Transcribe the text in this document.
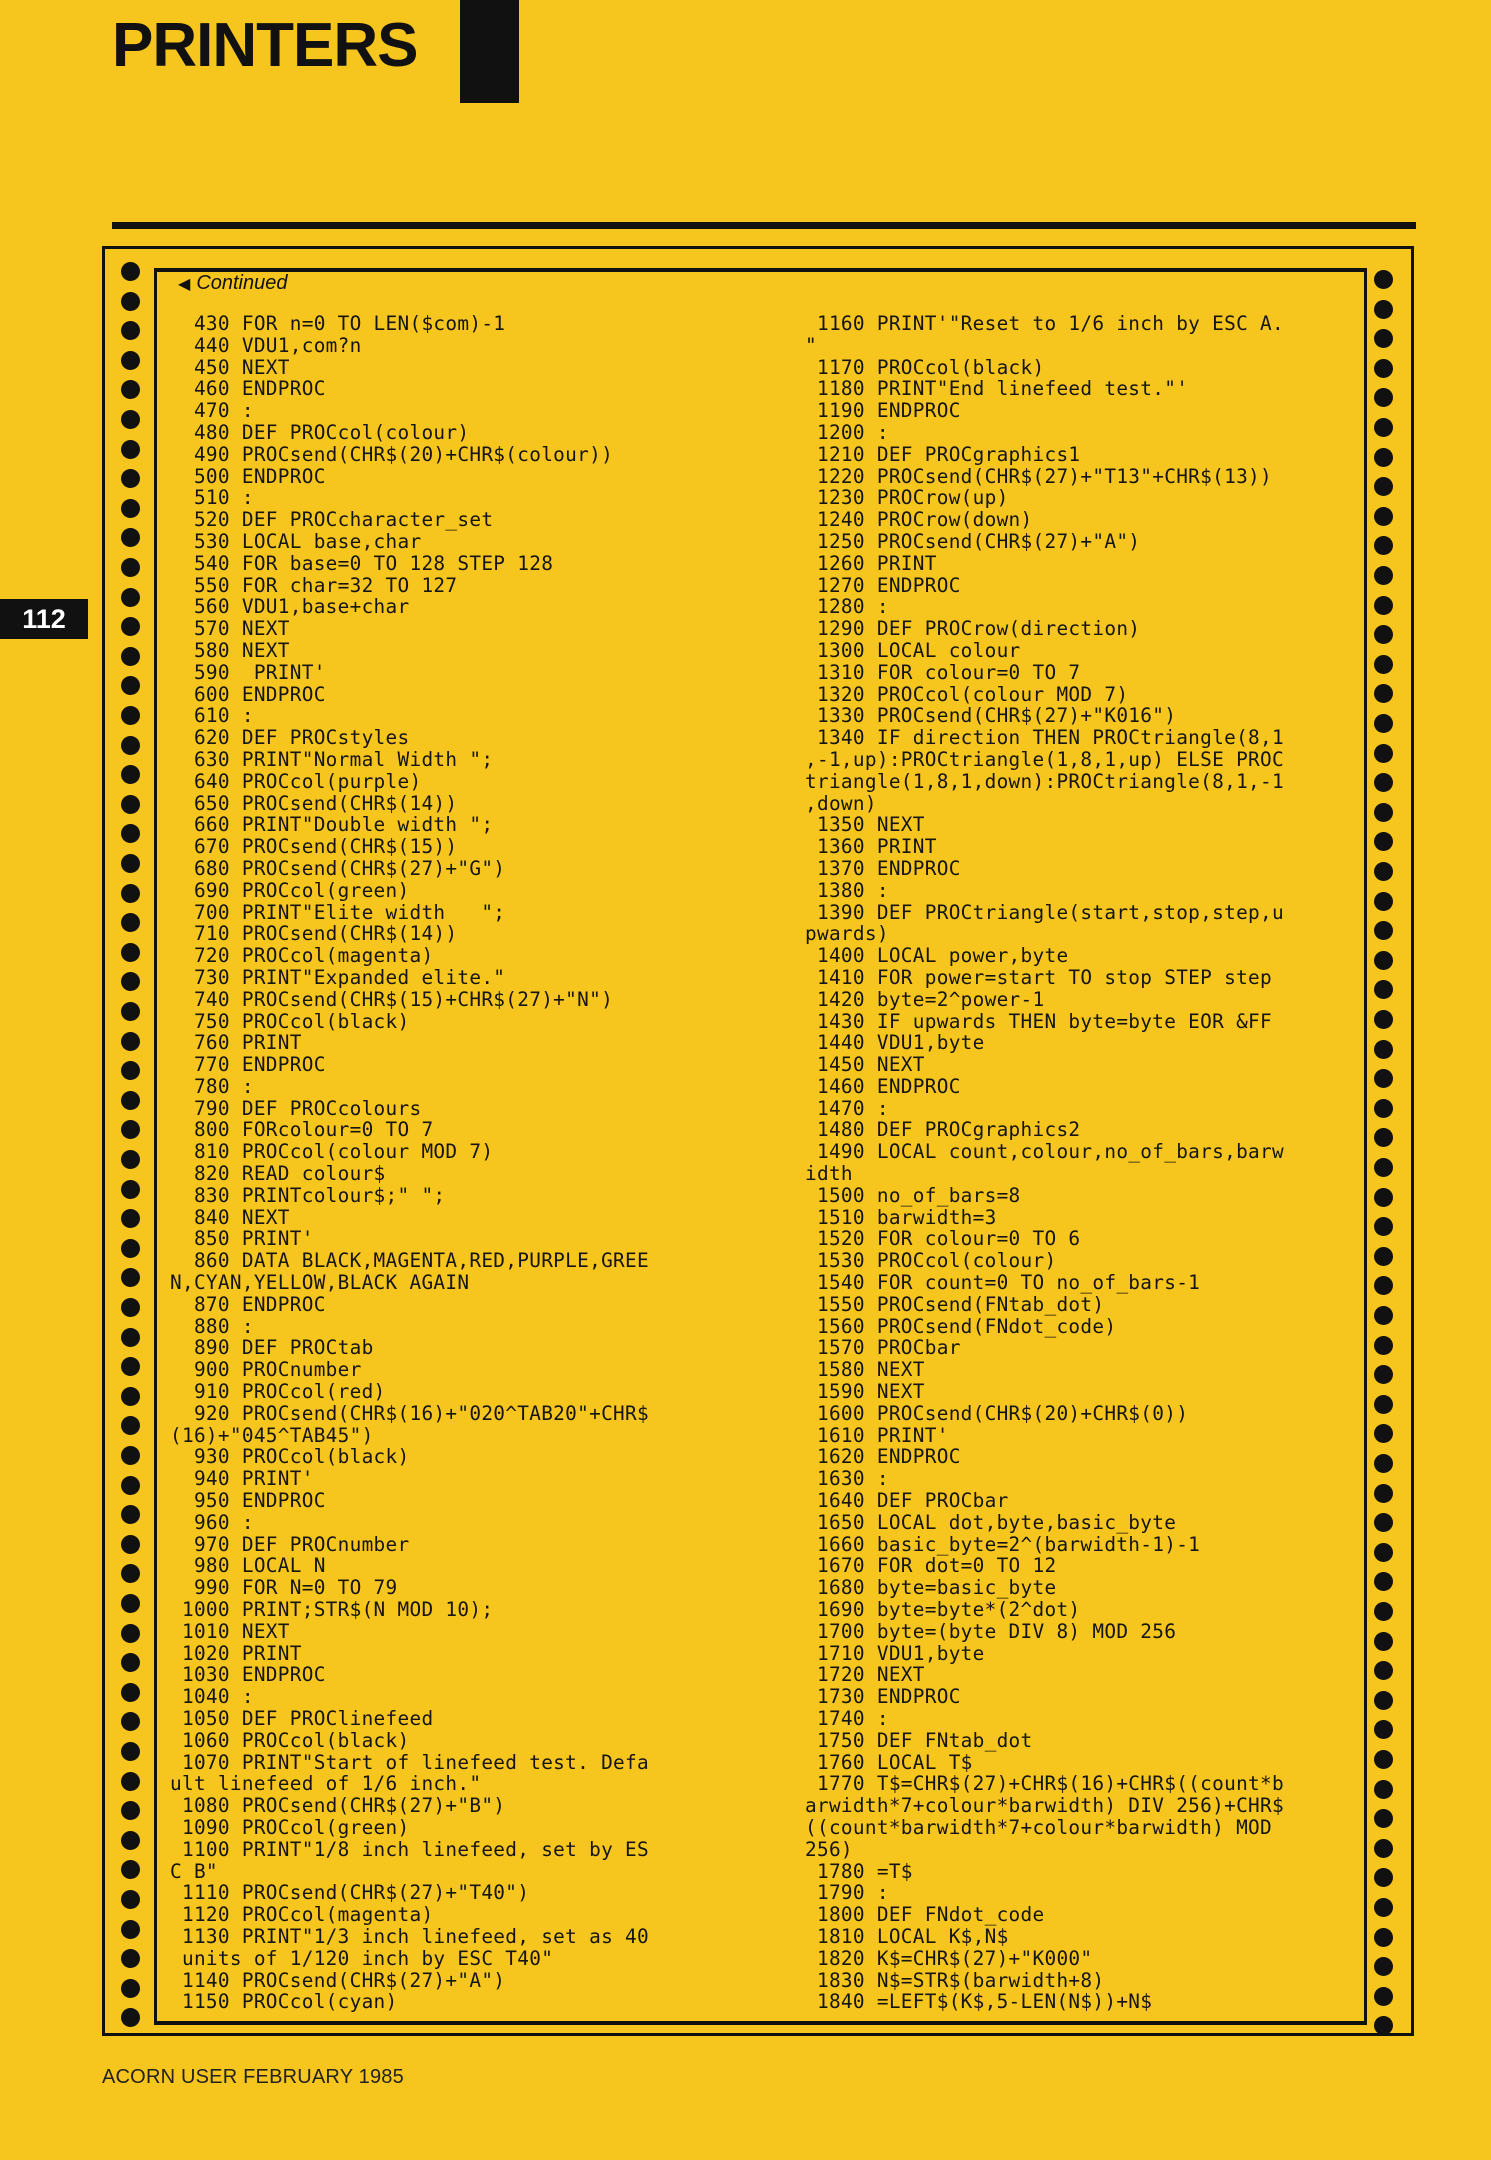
PRINTERS
112
◀ Continued
430 FOR n=0 TO LEN($com)-1
440 VDU1,com?n
450 NEXT
460 ENDPROC
470 :
480 DEF PROCcol(colour)
490 PROCsend(CHR$(20)+CHR$(colour))
500 ENDPROC
510 :
520 DEF PROCcharacter_set
530 LOCAL base,char
540 FOR base=0 TO 128 STEP 128
550 FOR char=32 TO 127
560 VDU1,base+char
570 NEXT
580 NEXT
590  PRINT'
600 ENDPROC
610 :
620 DEF PROCstyles
630 PRINT"Normal Width ";
640 PROCcol(purple)
650 PROCsend(CHR$(14))
660 PRINT"Double width ";
670 PROCsend(CHR$(15))
680 PROCsend(CHR$(27)+"G")
690 PROCcol(green)
700 PRINT"Elite width   ";
710 PROCsend(CHR$(14))
720 PROCcol(magenta)
730 PRINT"Expanded elite."
740 PROCsend(CHR$(15)+CHR$(27)+"N")
750 PROCcol(black)
760 PRINT
770 ENDPROC
780 :
790 DEF PROCcolours
800 FORcolour=0 TO 7
810 PROCcol(colour MOD 7)
820 READ colour$
830 PRINTcolour$;" ";
840 NEXT
850 PRINT'
860 DATA BLACK,MAGENTA,RED,PURPLE,GREE
N,CYAN,YELLOW,BLACK AGAIN
870 ENDPROC
880 :
890 DEF PROCtab
900 PROCnumber
910 PROCcol(red)
920 PROCsend(CHR$(16)+"020^TAB20"+CHR$
(16)+"045^TAB45")
930 PROCcol(black)
940 PRINT'
950 ENDPROC
960 :
970 DEF PROCnumber
980 LOCAL N
990 FOR N=0 TO 79
1000 PRINT;STR$(N MOD 10);
1010 NEXT
1020 PRINT
1030 ENDPROC
1040 :
1050 DEF PROClinefeed
1060 PROCcol(black)
1070 PRINT"Start of linefeed test. Defa
ult linefeed of 1/6 inch."
1080 PROCsend(CHR$(27)+"B")
1090 PROCcol(green)
1100 PRINT"1/8 inch linefeed, set by ES
C B"
1110 PROCsend(CHR$(27)+"T40")
1120 PROCcol(magenta)
1130 PRINT"1/3 inch linefeed, set as 40
units of 1/120 inch by ESC T40"
1140 PROCsend(CHR$(27)+"A")
1150 PROCcol(cyan)
1160 PRINT'"Reset to 1/6 inch by ESC A.
"
1170 PROCcol(black)
1180 PRINT"End linefeed test."'
1190 ENDPROC
1200 :
1210 DEF PROCgraphics1
1220 PROCsend(CHR$(27)+"T13"+CHR$(13))
1230 PROCrow(up)
1240 PROCrow(down)
1250 PROCsend(CHR$(27)+"A")
1260 PRINT
1270 ENDPROC
1280 :
1290 DEF PROCrow(direction)
1300 LOCAL colour
1310 FOR colour=0 TO 7
1320 PROCcol(colour MOD 7)
1330 PROCsend(CHR$(27)+"K016")
1340 IF direction THEN PROCtriangle(8,1
,-1,up):PROCtriangle(1,8,1,up) ELSE PROC
triangle(1,8,1,down):PROCtriangle(8,1,-1
,down)
1350 NEXT
1360 PRINT
1370 ENDPROC
1380 :
1390 DEF PROCtriangle(start,stop,step,u
pwards)
1400 LOCAL power,byte
1410 FOR power=start TO stop STEP step
1420 byte=2^power-1
1430 IF upwards THEN byte=byte EOR &FF
1440 VDU1,byte
1450 NEXT
1460 ENDPROC
1470 :
1480 DEF PROCgraphics2
1490 LOCAL count,colour,no_of_bars,barw
idth
1500 no_of_bars=8
1510 barwidth=3
1520 FOR colour=0 TO 6
1530 PROCcol(colour)
1540 FOR count=0 TO no_of_bars-1
1550 PROCsend(FNtab_dot)
1560 PROCsend(FNdot_code)
1570 PROCbar
1580 NEXT
1590 NEXT
1600 PROCsend(CHR$(20)+CHR$(0))
1610 PRINT'
1620 ENDPROC
1630 :
1640 DEF PROCbar
1650 LOCAL dot,byte,basic_byte
1660 basic_byte=2^(barwidth-1)-1
1670 FOR dot=0 TO 12
1680 byte=basic_byte
1690 byte=byte*(2^dot)
1700 byte=(byte DIV 8) MOD 256
1710 VDU1,byte
1720 NEXT
1730 ENDPROC
1740 :
1750 DEF FNtab_dot
1760 LOCAL T$
1770 T$=CHR$(27)+CHR$(16)+CHR$((count*b
arwidth*7+colour*barwidth) DIV 256)+CHR$
((count*barwidth*7+colour*barwidth) MOD
256)
1780 =T$
1790 :
1800 DEF FNdot_code
1810 LOCAL K$,N$
1820 K$=CHR$(27)+"K000"
1830 N$=STR$(barwidth+8)
1840 =LEFT$(K$,5-LEN(N$))+N$
ACORN USER FEBRUARY 1985
